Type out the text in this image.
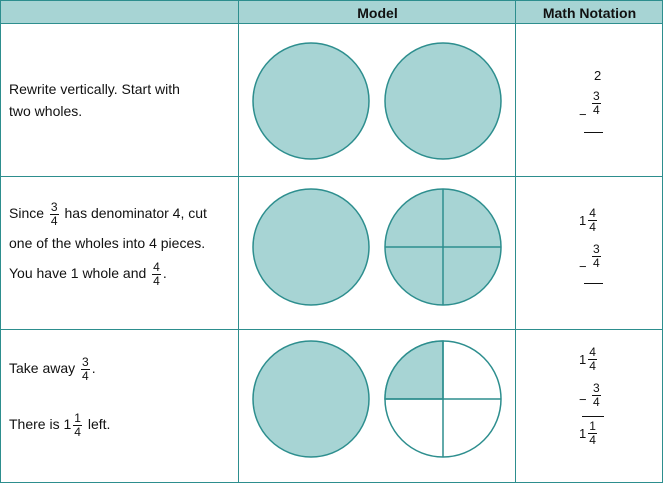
Model	Math Notation
Rewrite vertically. Start with
two wholes.
2
− $\frac{3}{4}$
Since $\frac{3}{4}$ has denominator 4, cut
one of the wholes into 4 pieces.
You have 1 whole and $\frac{4}{4}$ .
$1 \frac{4}{4}$
− $\frac{3}{4}$
Take away $\frac{3}{4}$ .
There is $1 \frac{1}{4}$ left.
$1 \frac{4}{4}$
− $\frac{3}{4}$
$1 \frac{1}{4}$
